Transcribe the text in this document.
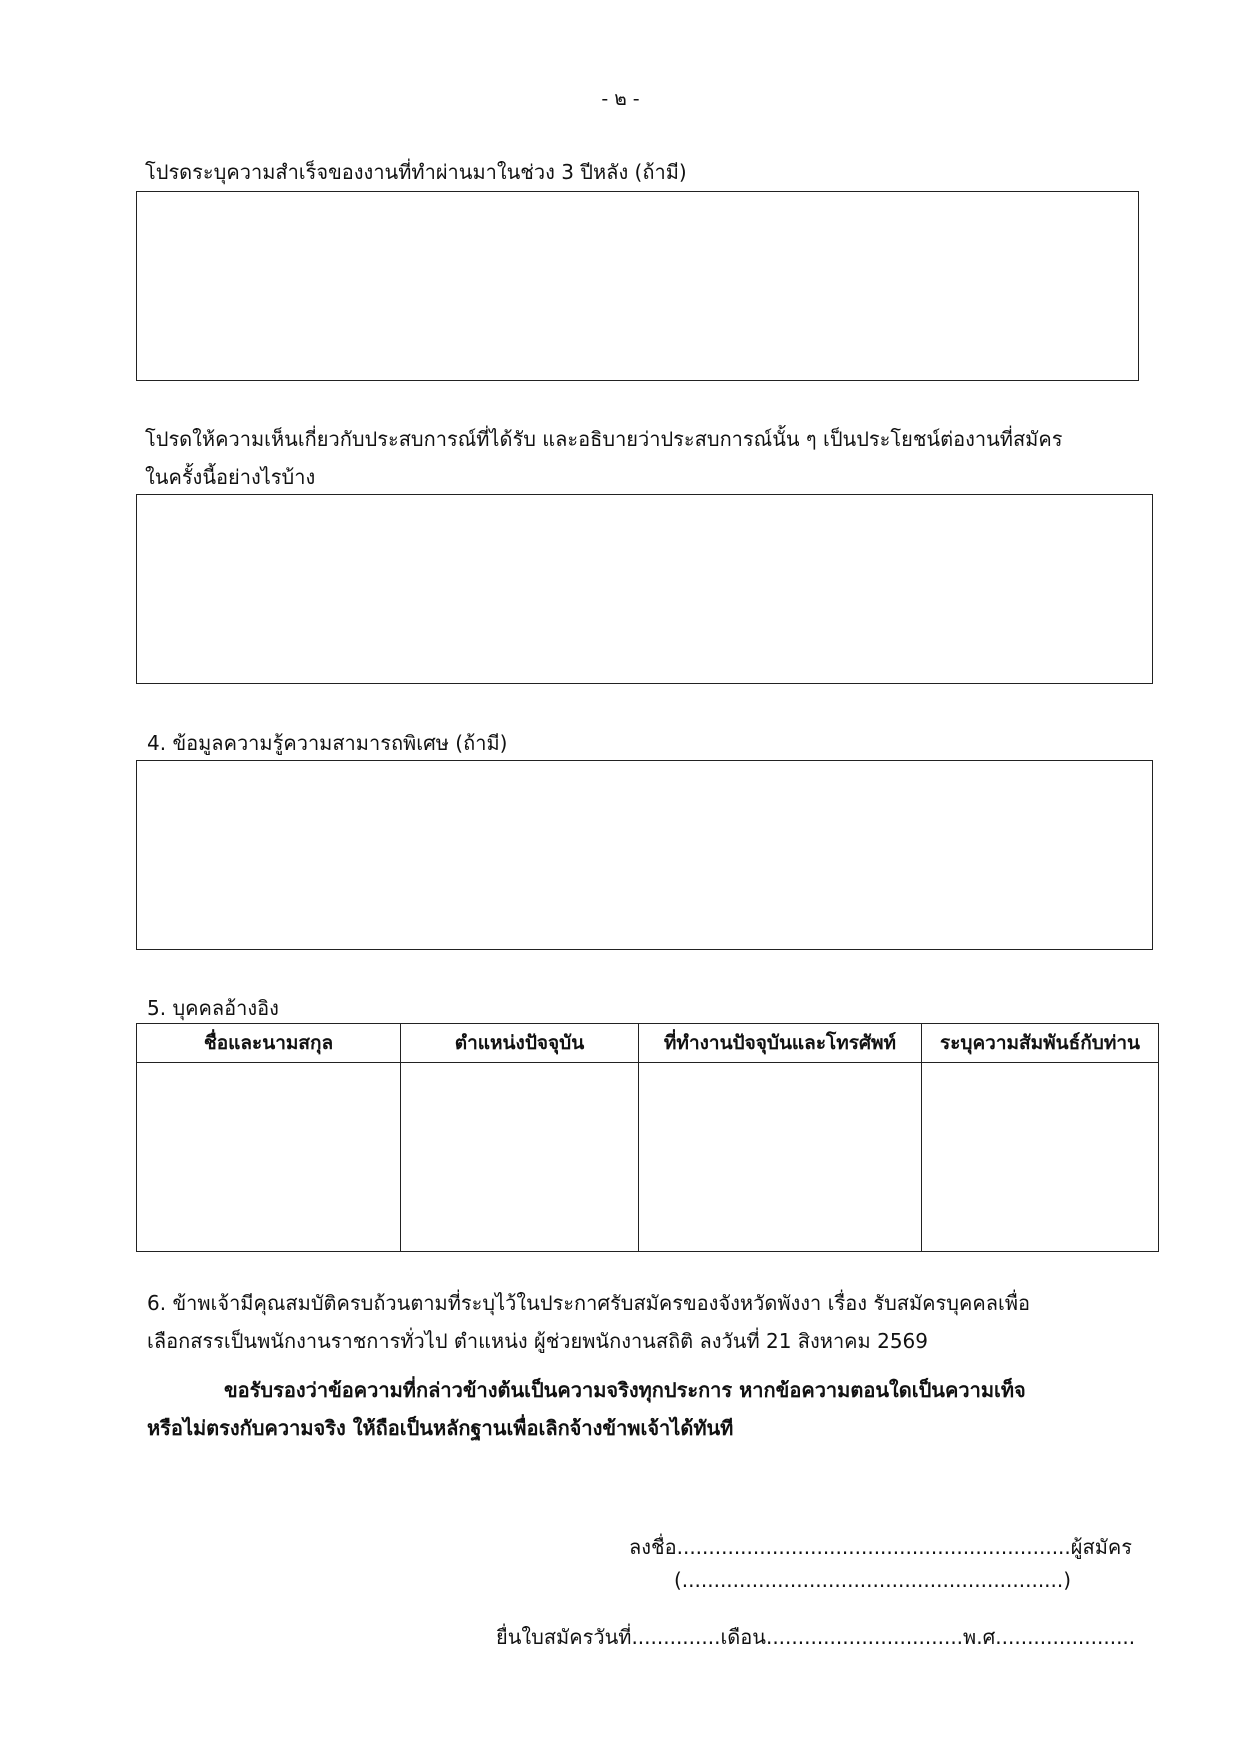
- ๒ -
โปรดระบุความสำเร็จของงานที่ทำผ่านมาในช่วง 3 ปีหลัง (ถ้ามี)
โปรดให้ความเห็นเกี่ยวกับประสบการณ์ที่ได้รับ และอธิบายว่าประสบการณ์นั้น ๆ เป็นประโยชน์ต่องานที่สมัคร
ในครั้งนี้อย่างไรบ้าง
4. ข้อมูลความรู้ความสามารถพิเศษ (ถ้ามี)
5. บุคคลอ้างอิง
ชื่อและนามสกุล	ตำแหน่งปัจจุบัน	ที่ทำงานปัจจุบันและโทรศัพท์	ระบุความสัมพันธ์กับท่าน

6. ข้าพเจ้ามีคุณสมบัติครบถ้วนตามที่ระบุไว้ในประกาศรับสมัครของจังหวัดพังงา เรื่อง รับสมัครบุคคลเพื่อ
เลือกสรรเป็นพนักงานราชการทั่วไป ตำแหน่ง ผู้ช่วยพนักงานสถิติ ลงวันที่ 21 สิงหาคม 2569
ขอรับรองว่าข้อความที่กล่าวข้างต้นเป็นความจริงทุกประการ หากข้อความตอนใดเป็นความเท็จ
หรือไม่ตรงกับความจริง ให้ถือเป็นหลักฐานเพื่อเลิกจ้างข้าพเจ้าได้ทันที
ลงชื่อ..............................................................ผู้สมัคร
(............................................................)
ยื่นใบสมัครวันที่..............เดือน...............................พ.ศ......................
